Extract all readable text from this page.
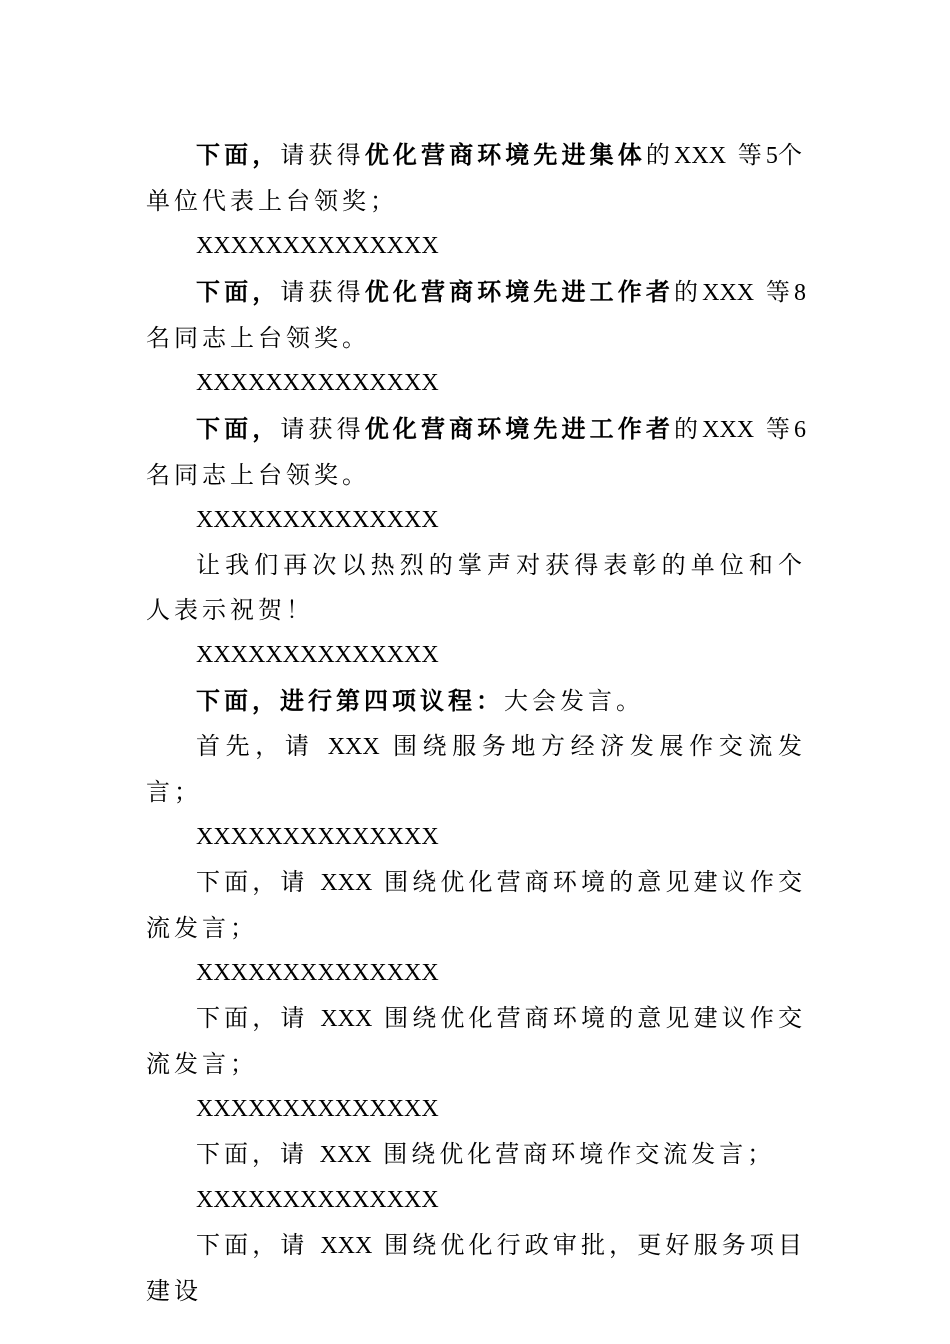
下面，请获得优化营商环境先进集体的XXX 等5个单位代表上台领奖；

XXXXXXXXXXXXXX

下面，请获得优化营商环境先进工作者的XXX 等8名同志上台领奖。

XXXXXXXXXXXXXX

下面，请获得优化营商环境先进工作者的XXX 等6名同志上台领奖。

XXXXXXXXXXXXXX

让我们再次以热烈的掌声对获得表彰的单位和个人表示祝贺！

XXXXXXXXXXXXXX

下面，进行第四项议程：大会发言。

首先，请 XXX 围绕服务地方经济发展作交流发言；

XXXXXXXXXXXXXX

下面，请 XXX 围绕优化营商环境的意见建议作交流发言；

XXXXXXXXXXXXXX

下面，请 XXX 围绕优化营商环境的意见建议作交流发言；

XXXXXXXXXXXXXX

下面，请 XXX 围绕优化营商环境作交流发言；

XXXXXXXXXXXXXX

下面，请 XXX 围绕优化行政审批，更好服务项目建设
